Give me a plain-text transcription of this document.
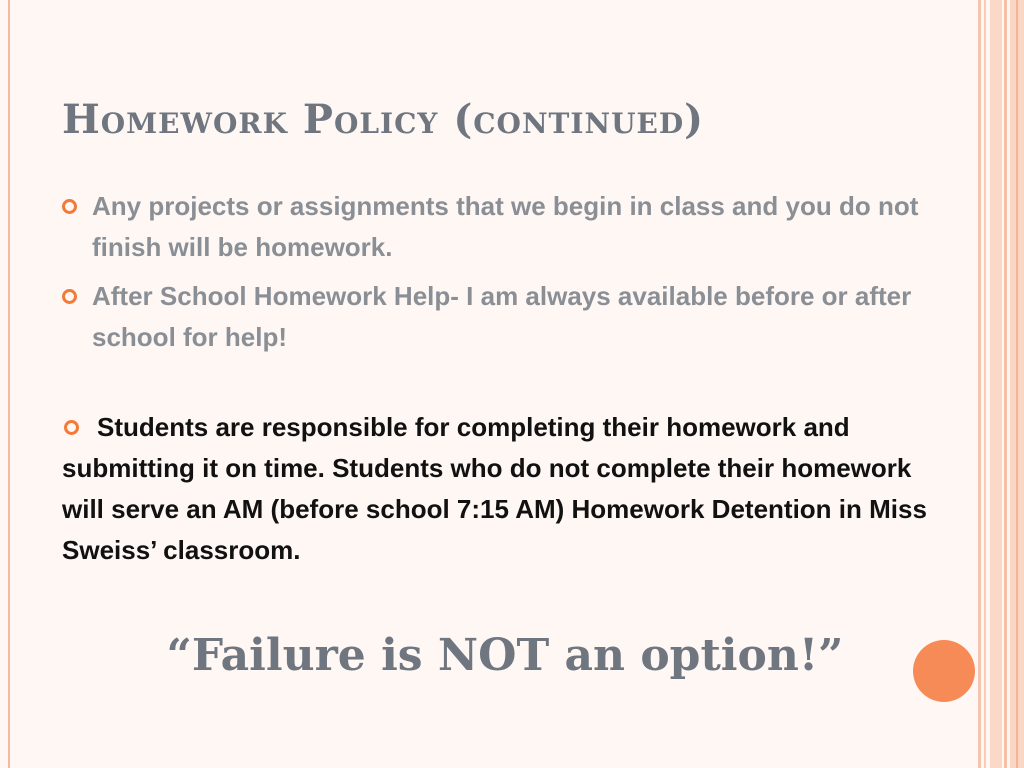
Homework Policy (continued)
Any projects or assignments that we begin in class and you do not finish will be homework.
After School Homework Help- I am always available before or after school for help!
Students are responsible for completing their homework and submitting it on time. Students who do not complete their homework will serve an AM (before school 7:15 AM) Homework Detention in Miss Sweiss’ classroom.
“Failure is NOT an option!”
